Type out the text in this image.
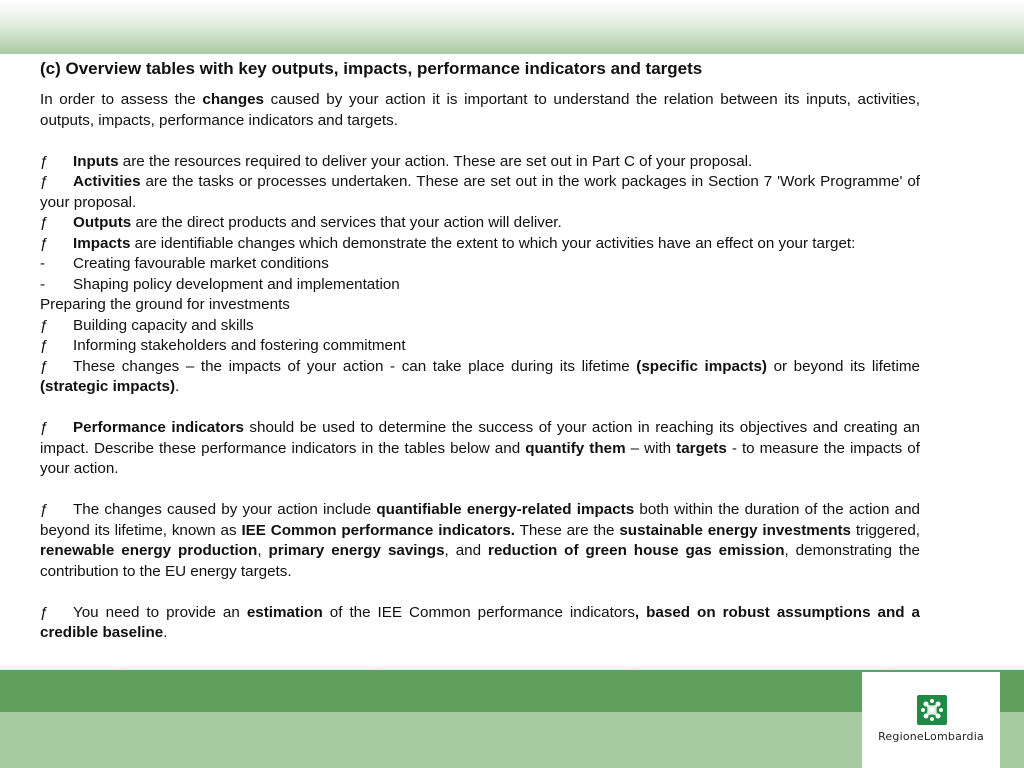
(c) Overview tables with key outputs, impacts, performance indicators and targets

In order to assess the changes caused by your action it is important to understand the relation between its inputs, activities, outputs, impacts, performance indicators and targets.

ƒ	Inputs are the resources required to deliver your action. These are set out in Part C of your proposal.

ƒ Activities are the tasks or processes undertaken. These are set out in the work packages in Section 7 'Work Programme' of your proposal.

ƒ	Outputs are the direct products and services that your action will deliver.

ƒ Impacts are identifiable changes which demonstrate the extent to which your activities have an effect on your target:

-	Creating favourable market conditions
-	Shaping policy development and implementation

Preparing the ground for investments

ƒ	Building capacity and skills
ƒ	Informing stakeholders and fostering commitment

ƒ These changes – the impacts of your action - can take place during its lifetime (specific impacts) or beyond its lifetime (strategic impacts).

ƒ Performance indicators should be used to determine the success of your action in reaching its objectives and creating an impact. Describe these performance indicators in the tables below and quantify them – with targets - to measure the impacts of your action.

ƒ The changes caused by your action include quantifiable energy-related impacts both within the duration of the action and beyond its lifetime, known as IEE Common performance indicators. These are the sustainable energy investments triggered, renewable energy production, primary energy savings, and reduction of green house gas emission, demonstrating the contribution to the EU energy targets.

ƒ You need to provide an estimation of the IEE Common performance indicators, based on robust assumptions and a credible baseline.

RegioneLombardia
